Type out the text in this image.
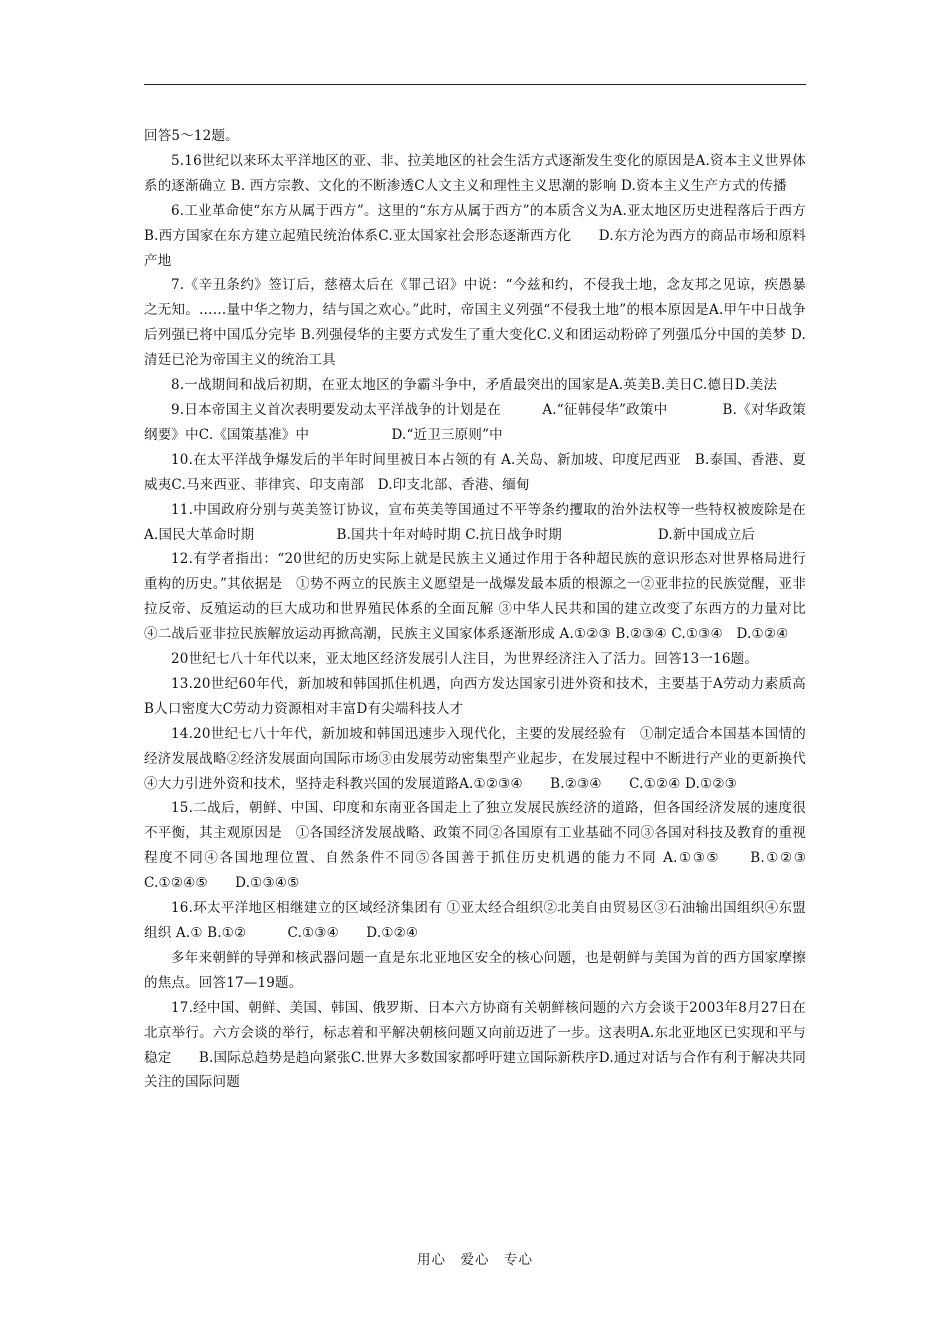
回答5～12题。

5.16世纪以来环太平洋地区的亚、非、拉美地区的社会生活方式逐渐发生变化的原因是A.资本主义世界体系的逐渐确立 B. 西方宗教、文化的不断渗透C人文主义和理性主义思潮的影响 D.资本主义生产方式的传播

6.工业革命使“东方从属于西方”。这里的“东方从属于西方”的本质含义为A.亚太地区历史进程落后于西方　B.西方国家在东方建立起殖民统治体系C.亚太国家社会形态逐渐西方化　　D.东方沦为西方的商品市场和原料产地

7.《辛丑条约》签订后，慈禧太后在《罪己诏》中说：“今兹和约，不侵我土地，念友邦之见谅，疾愚暴之无知。……量中华之物力，结与国之欢心。”此时，帝国主义列强“不侵我土地”的根本原因是A.甲午中日战争后列强已将中国瓜分完毕 B.列强侵华的主要方式发生了重大变化C.义和团运动粉碎了列强瓜分中国的美梦 D.清廷已沦为帝国主义的统治工具

8.一战期间和战后初期，在亚太地区的争霸斗争中，矛盾最突出的国家是A.英美B.美日C.德日D.美法

9.日本帝国主义首次表明要发动太平洋战争的计划是在　　　A.“征韩侵华”政策中　　　　B.《对华政策纲要》中C.《国策基准》中　　　　　　D.“近卫三原则”中

10.在太平洋战争爆发后的半年时间里被日本占领的有 A.关岛、新加坡、印度尼西亚　B.泰国、香港、夏威夷C.马来西亚、菲律宾、印支南部　D.印支北部、香港、缅甸

11.中国政府分别与英美签订协议，宣布英美等国通过不平等条约攫取的治外法权等一些特权被废除是在 A.国民大革命时期　　　　　　B.国共十年对峙时期 C.抗日战争时期　　　　　　　D.新中国成立后

12.有学者指出：“20世纪的历史实际上就是民族主义通过作用于各种超民族的意识形态对世界格局进行重构的历史。”其依据是　①势不两立的民族主义愿望是一战爆发最本质的根源之一②亚非拉的民族觉醒，亚非拉反帝、反殖运动的巨大成功和世界殖民体系的全面瓦解 ③中华人民共和国的建立改变了东西方的力量对比④二战后亚非拉民族解放运动再掀高潮，民族主义国家体系逐渐形成 A.①②③ B.②③④ C.①③④　D.①②④

20世纪七八十年代以来，亚太地区经济发展引人注目，为世界经济注入了活力。回答13一16题。

13.20世纪60年代，新加坡和韩国抓住机遇，向西方发达国家引进外资和技术，主要基于A劳动力素质高　　　　　B人口密度大C劳动力资源相对丰富D有尖端科技人才

14.20世纪七八十年代，新加坡和韩国迅速步入现代化，主要的发展经验有　①制定适合本国基本国情的经济发展战略②经济发展面向国际市场③由发展劳动密集型产业起步，在发展过程中不断进行产业的更新换代④大力引进外资和技术，坚持走科教兴国的发展道路A.①②③④　　B.②③④　　C.①②④ D.①②③

15.二战后，朝鲜、中国、印度和东南亚各国走上了独立发展民族经济的道路，但各国经济发展的速度很不平衡，其主观原因是　①各国经济发展战略、政策不同②各国原有工业基础不同③各国对科技及教育的重视程度不同④各国地理位置、自然条件不同⑤各国善于抓住历史机遇的能力不同 A.①③⑤　　B.①②③　C.①②④⑤　　D.①③④⑤

16.环太平洋地区相继建立的区域经济集团有 ①亚太经合组织②北美自由贸易区③石油输出国组织④东盟组织 A.① B.①②　　　C.①③④　　D.①②④

多年来朝鲜的导弹和核武器问题一直是东北亚地区安全的核心问题，也是朝鲜与美国为首的西方国家摩擦的焦点。回答17—19题。

17.经中国、朝鲜、美国、韩国、俄罗斯、日本六方协商有关朝鲜核问题的六方会谈于2003年8月27日在北京举行。六方会谈的举行，标志着和平解决朝核问题又向前迈进了一步。这表明A.东北亚地区已实现和平与稳定　　B.国际总趋势是趋向紧张C.世界大多数国家都呼吁建立国际新秩序D.通过对话与合作有利于解决共同关注的国际问题

用心　爱心　专心
